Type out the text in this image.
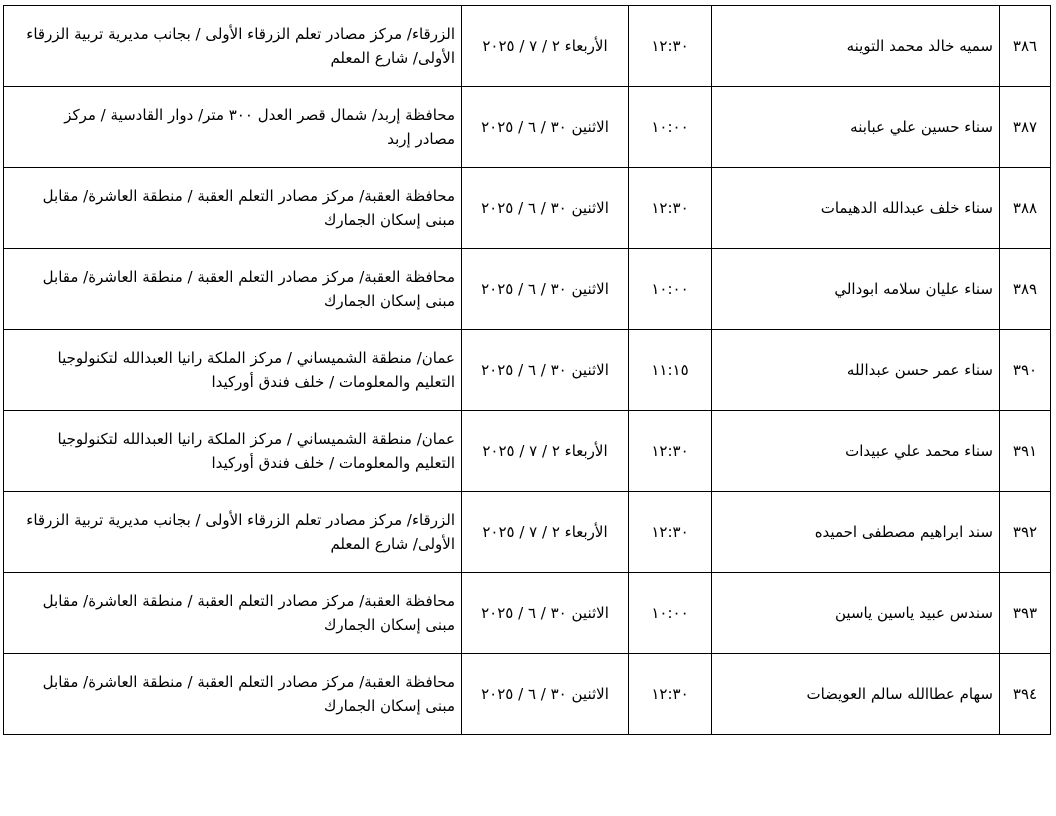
٣٨٦	سميه خالد محمد التوينه	١٢:٣٠	الأربعاء ٢ / ٧ / ٢٠٢٥	الزرقاء/ مركز مصادر تعلم الزرقاء الأولى / بجانب مديرية تربية الزرقاء
الأولى/ شارع المعلم

٣٨٧	سناء حسين علي عبابنه	١٠:٠٠	الاثنين ٣٠ / ٦ / ٢٠٢٥	محافظة إربد/ شمال قصر العدل ٣٠٠ متر/ دوار القادسية / مركز
مصادر إربد

٣٨٨	سناء خلف عبدالله الدهيمات	١٢:٣٠	الاثنين ٣٠ / ٦ / ٢٠٢٥	محافظة العقبة/ مركز مصادر التعلم العقبة / منطقة العاشرة/ مقابل
مبنى إسكان الجمارك

٣٨٩	سناء عليان سلامه ابودالي	١٠:٠٠	الاثنين ٣٠ / ٦ / ٢٠٢٥	محافظة العقبة/ مركز مصادر التعلم العقبة / منطقة العاشرة/ مقابل
مبنى إسكان الجمارك

٣٩٠	سناء عمر حسن عبدالله	١١:١٥	الاثنين ٣٠ / ٦ / ٢٠٢٥	عمان/ منطقة الشميساني / مركز الملكة رانيا العبدالله لتكنولوجيا
التعليم والمعلومات / خلف فندق أوركيدا

٣٩١	سناء محمد علي عبيدات	١٢:٣٠	الأربعاء ٢ / ٧ / ٢٠٢٥	عمان/ منطقة الشميساني / مركز الملكة رانيا العبدالله لتكنولوجيا
التعليم والمعلومات / خلف فندق أوركيدا

٣٩٢	سند ابراهيم مصطفى احميده	١٢:٣٠	الأربعاء ٢ / ٧ / ٢٠٢٥	الزرقاء/ مركز مصادر تعلم الزرقاء الأولى / بجانب مديرية تربية الزرقاء
الأولى/ شارع المعلم

٣٩٣	سندس عبيد ياسين ياسين	١٠:٠٠	الاثنين ٣٠ / ٦ / ٢٠٢٥	محافظة العقبة/ مركز مصادر التعلم العقبة / منطقة العاشرة/ مقابل
مبنى إسكان الجمارك

٣٩٤	سهام عطاالله سالم العويضات	١٢:٣٠	الاثنين ٣٠ / ٦ / ٢٠٢٥	محافظة العقبة/ مركز مصادر التعلم العقبة / منطقة العاشرة/ مقابل
مبنى إسكان الجمارك
